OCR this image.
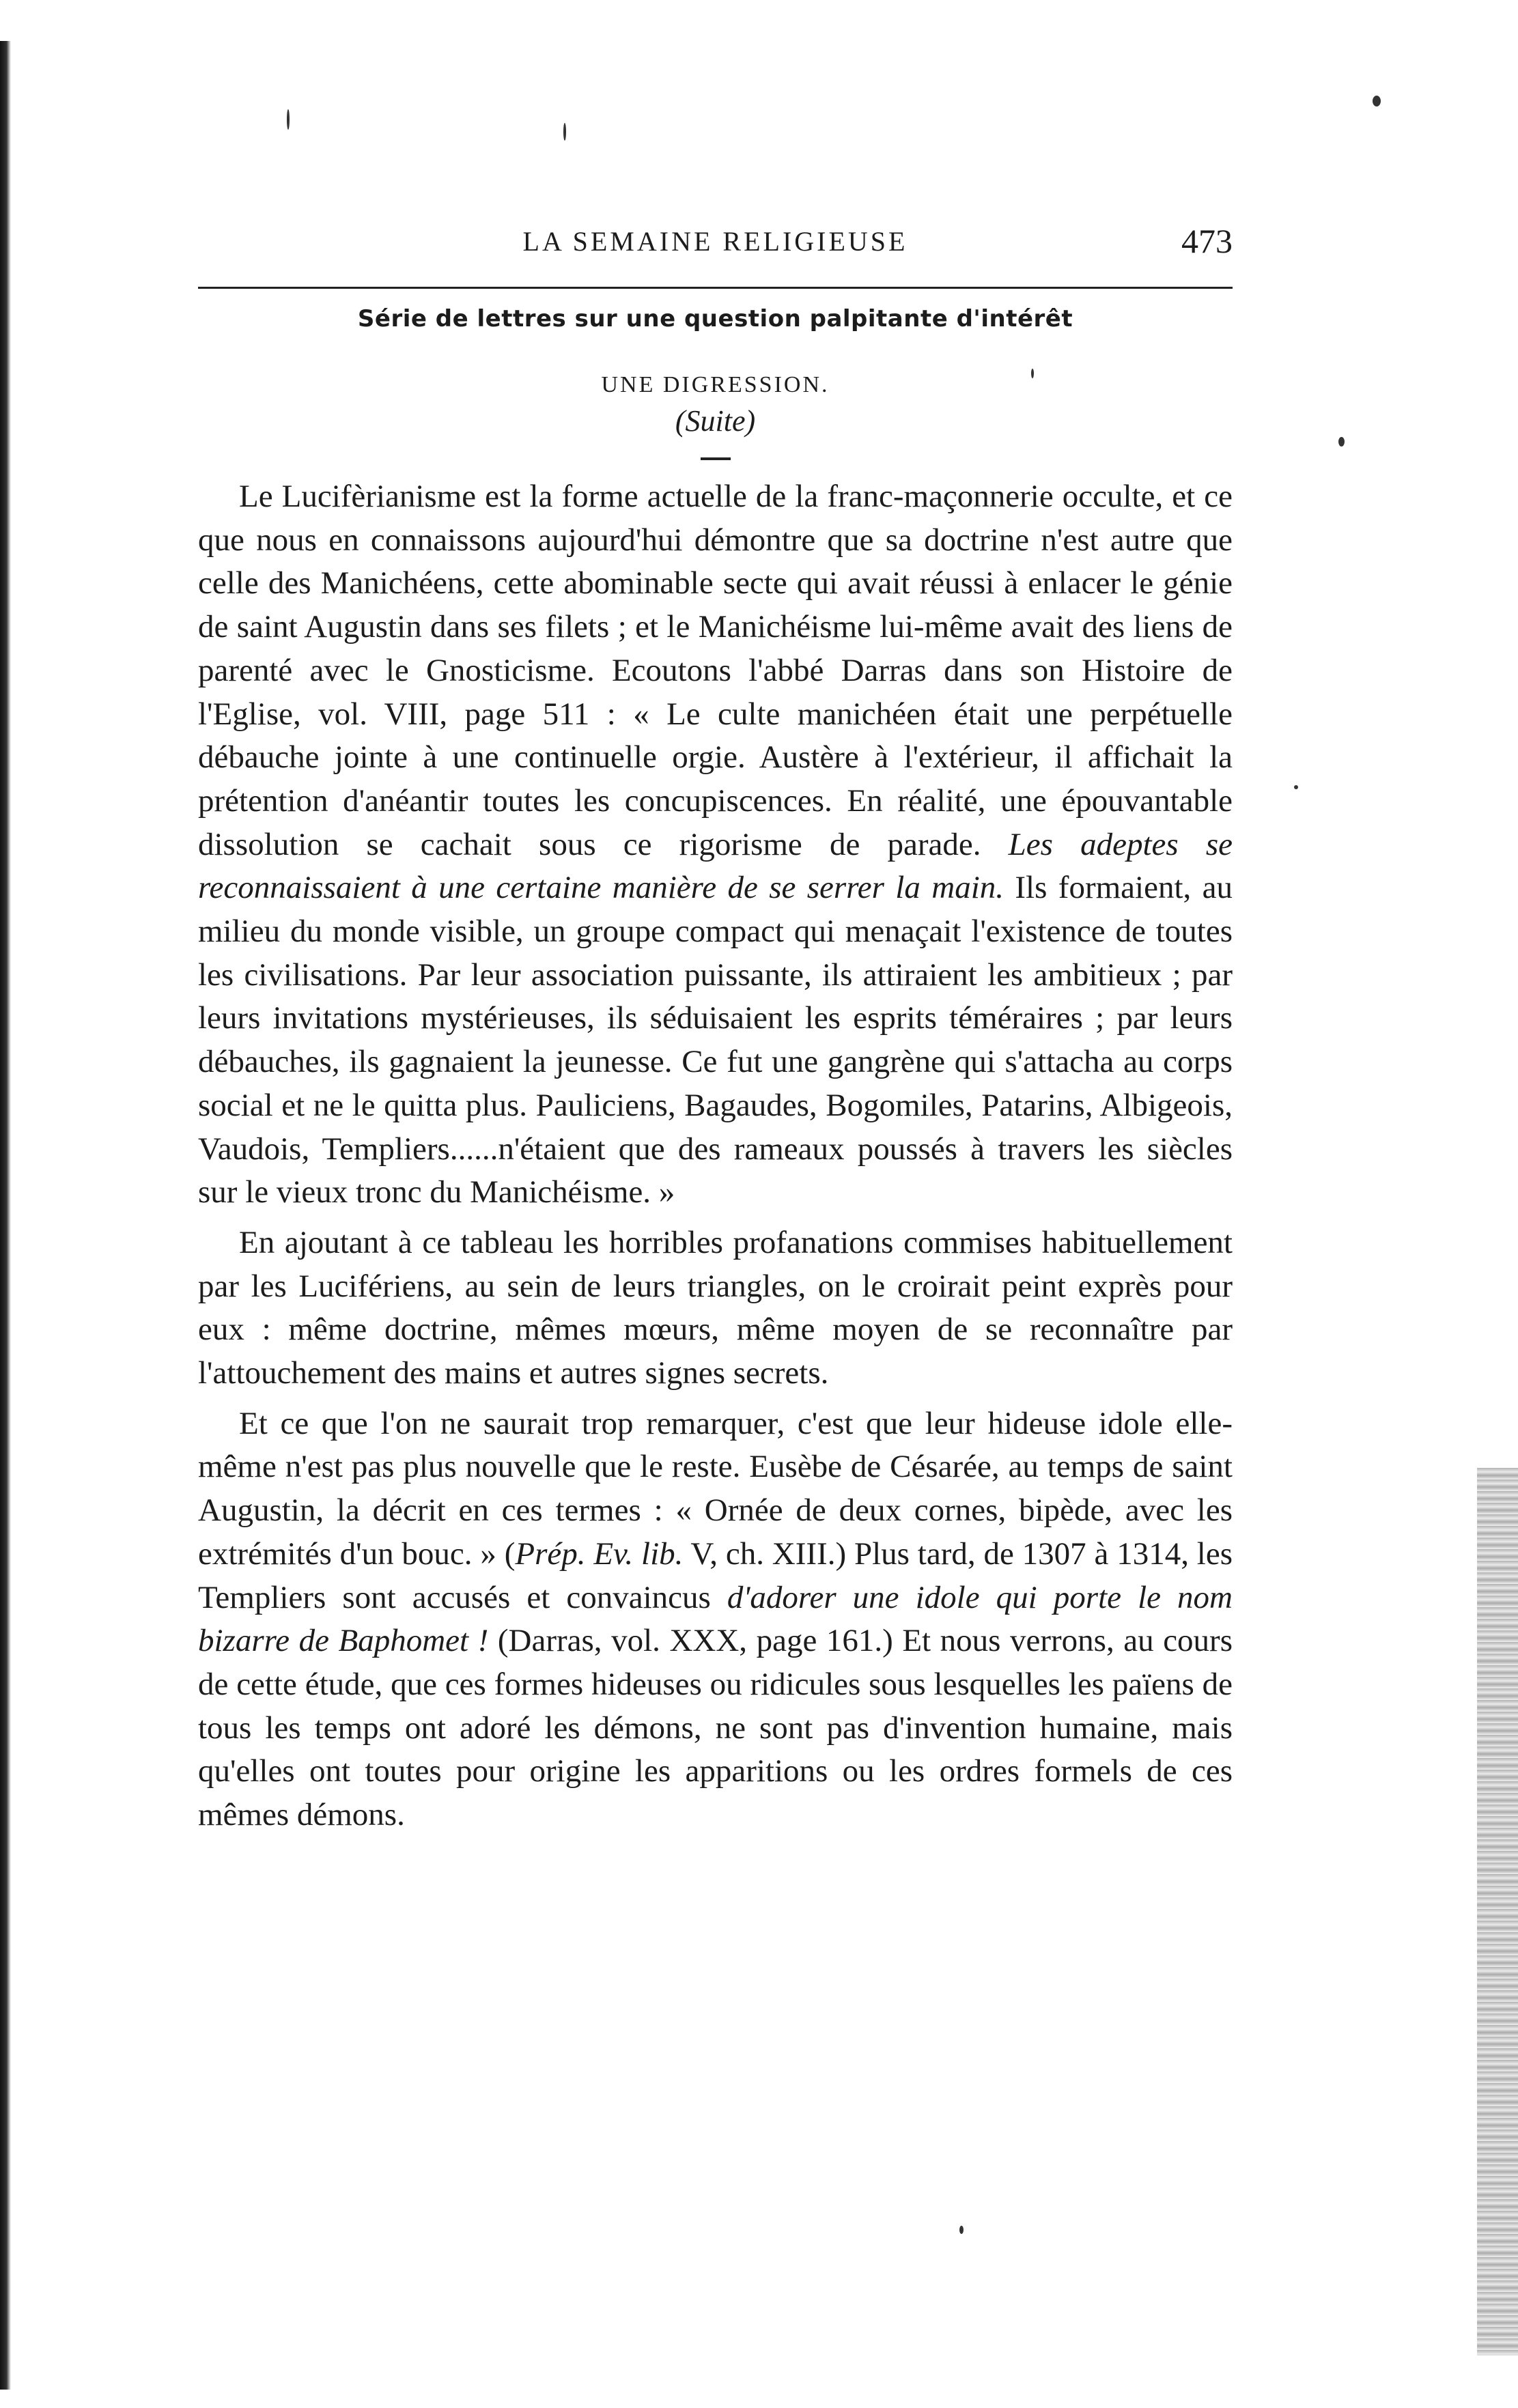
LA SEMAINE RELIGIEUSE	473
Série de lettres sur une question palpitante d'intérêt
UNE DIGRESSION.
(Suite)

Le Lucifèrianisme est la forme actuelle de la franc-maçonnerie occulte, et ce que nous en connaissons aujourd'hui démontre que sa doctrine n'est autre que celle des Manichéens, cette abominable secte qui avait réussi à enlacer le génie de saint Augustin dans ses filets ; et le Manichéisme lui-même avait des liens de parenté avec le Gnosticisme. Ecoutons l'abbé Darras dans son Histoire de l'Eglise, vol. VIII, page 511 : « Le culte manichéen était une perpétuelle débauche jointe à une continuelle orgie. Austère à l'extérieur, il affichait la prétention d'anéantir toutes les concupiscences. En réalité, une épouvantable dissolution se cachait sous ce rigorisme de parade. Les adeptes se reconnaissaient à une certaine manière de se serrer la main. Ils formaient, au milieu du monde visible, un groupe compact qui menaçait l'existence de toutes les civilisations. Par leur association puissante, ils attiraient les ambitieux ; par leurs invitations mystérieuses, ils séduisaient les esprits téméraires ; par leurs débauches, ils gagnaient la jeunesse. Ce fut une gangrène qui s'attacha au corps social et ne le quitta plus. Pauliciens, Bagaudes, Bogomiles, Patarins, Albigeois, Vaudois, Templiers......n'étaient que des rameaux poussés à travers les siècles sur le vieux tronc du Manichéisme. »

En ajoutant à ce tableau les horribles profanations commises habituellement par les Lucifériens, au sein de leurs triangles, on le croirait peint exprès pour eux : même doctrine, mêmes mœurs, même moyen de se reconnaître par l'attouchement des mains et autres signes secrets.

Et ce que l'on ne saurait trop remarquer, c'est que leur hideuse idole elle-même n'est pas plus nouvelle que le reste. Eusèbe de Césarée, au temps de saint Augustin, la décrit en ces termes : « Ornée de deux cornes, bipède, avec les extrémités d'un bouc. » (Prép. Ev. lib. V, ch. XIII.) Plus tard, de 1307 à 1314, les Templiers sont accusés et convaincus d'adorer une idole qui porte le nom bizarre de Baphomet ! (Darras, vol. XXX, page 161.) Et nous verrons, au cours de cette étude, que ces formes hideuses ou ridicules sous lesquelles les païens de tous les temps ont adoré les démons, ne sont pas d'invention humaine, mais qu'elles ont toutes pour origine les apparitions ou les ordres formels de ces mêmes démons.
